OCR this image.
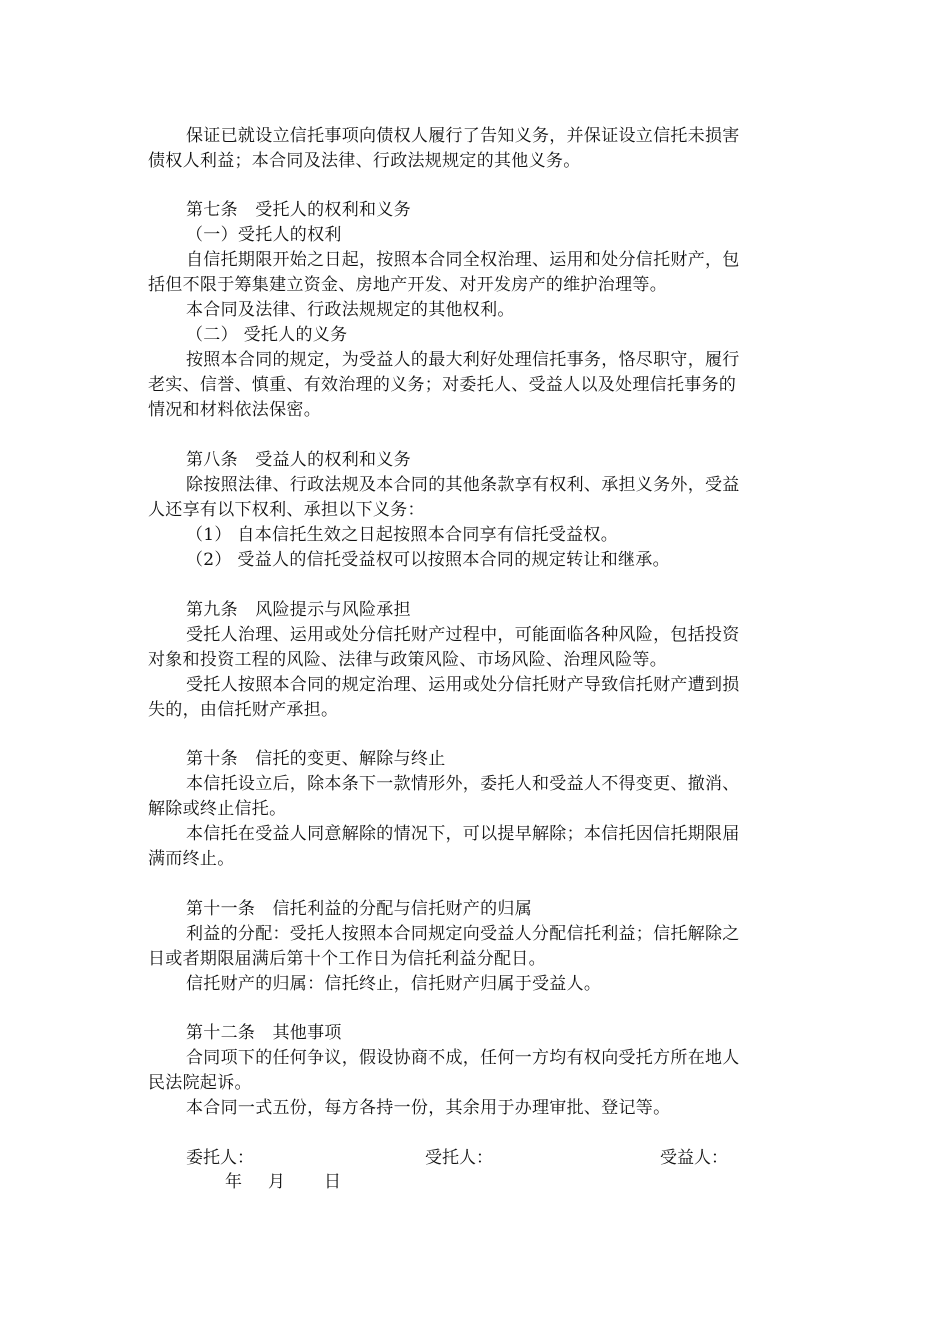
保证已就设立信托事项向债权人履行了告知义务，并保证设立信托未损害
债权人利益；本合同及法律、行政法规规定的其他义务。
第七条　受托人的权利和义务
（一）受托人的权利
自信托期限开始之日起，按照本合同全权治理、运用和处分信托财产，包
括但不限于筹集建立资金、房地产开发、对开发房产的维护治理等。
本合同及法律、行政法规规定的其他权利。
（二） 受托人的义务
按照本合同的规定，为受益人的最大利好处理信托事务，恪尽职守，履行
老实、信誉、慎重、有效治理的义务；对委托人、受益人以及处理信托事务的
情况和材料依法保密。
第八条　受益人的权利和义务
除按照法律、行政法规及本合同的其他条款享有权利、承担义务外，受益
人还享有以下权利、承担以下义务：
（1） 自本信托生效之日起按照本合同享有信托受益权。
（2） 受益人的信托受益权可以按照本合同的规定转让和继承。
第九条　风险提示与风险承担
受托人治理、运用或处分信托财产过程中，可能面临各种风险，包括投资
对象和投资工程的风险、法律与政策风险、市场风险、治理风险等。
受托人按照本合同的规定治理、运用或处分信托财产导致信托财产遭到损
失的，由信托财产承担。
第十条　信托的变更、解除与终止
本信托设立后，除本条下一款情形外，委托人和受益人不得变更、撤消、
解除或终止信托。
本信托在受益人同意解除的情况下，可以提早解除；本信托因信托期限届
满而终止。
第十一条　信托利益的分配与信托财产的归属
利益的分配：受托人按照本合同规定向受益人分配信托利益；信托解除之
日或者期限届满后第十个工作日为信托利益分配日。
信托财产的归属：信托终止，信托财产归属于受益人。
第十二条　其他事项
合同项下的任何争议，假设协商不成，任何一方均有权向受托方所在地人
民法院起诉。
本合同一式五份，每方各持一份，其余用于办理审批、登记等。
委托人：	受托人：	受益人：
年 月 日
